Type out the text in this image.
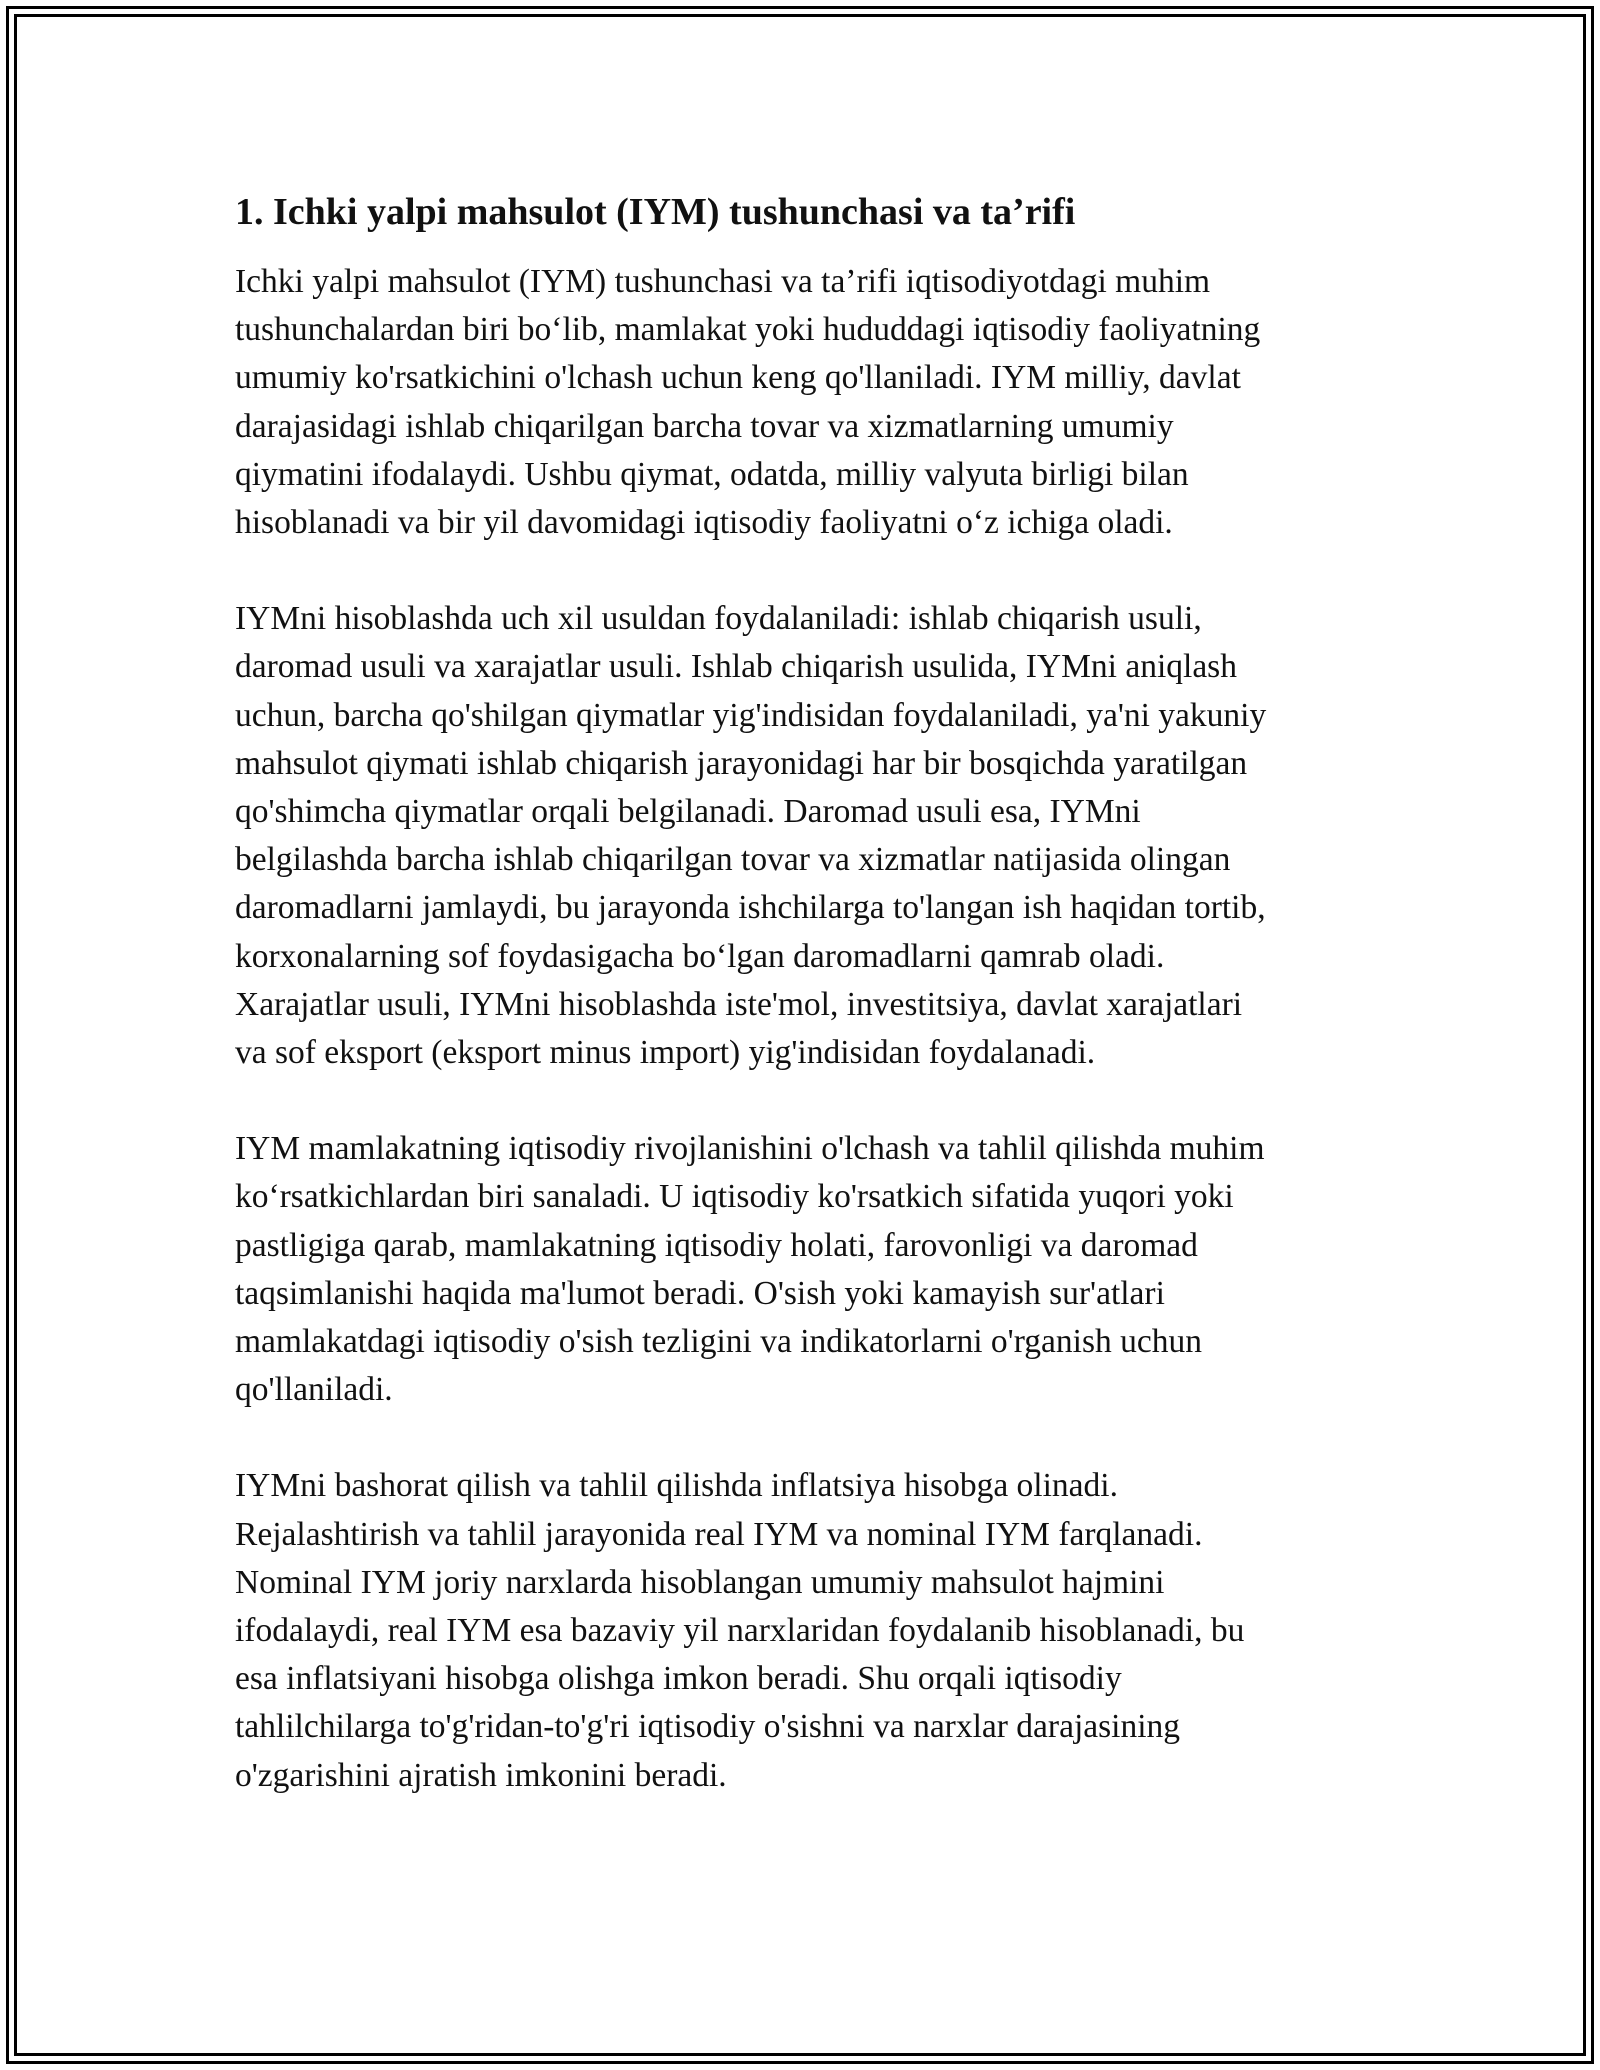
1. Ichki yalpi mahsulot (IYM) tushunchasi va ta’rifi

Ichki yalpi mahsulot (IYM) tushunchasi va ta’rifi iqtisodiyotdagi muhim
tushunchalardan biri bo‘lib, mamlakat yoki hududdagi iqtisodiy faoliyatning
umumiy ko'rsatkichini o'lchash uchun keng qo'llaniladi. IYM milliy, davlat
darajasidagi ishlab chiqarilgan barcha tovar va xizmatlarning umumiy
qiymatini ifodalaydi. Ushbu qiymat, odatda, milliy valyuta birligi bilan
hisoblanadi va bir yil davomidagi iqtisodiy faoliyatni o‘z ichiga oladi.

IYMni hisoblashda uch xil usuldan foydalaniladi: ishlab chiqarish usuli,
daromad usuli va xarajatlar usuli. Ishlab chiqarish usulida, IYMni aniqlash
uchun, barcha qo'shilgan qiymatlar yig'indisidan foydalaniladi, ya'ni yakuniy
mahsulot qiymati ishlab chiqarish jarayonidagi har bir bosqichda yaratilgan
qo'shimcha qiymatlar orqali belgilanadi. Daromad usuli esa, IYMni
belgilashda barcha ishlab chiqarilgan tovar va xizmatlar natijasida olingan
daromadlarni jamlaydi, bu jarayonda ishchilarga to'langan ish haqidan tortib,
korxonalarning sof foydasigacha bo‘lgan daromadlarni qamrab oladi.
Xarajatlar usuli, IYMni hisoblashda iste'mol, investitsiya, davlat xarajatlari
va sof eksport (eksport minus import) yig'indisidan foydalanadi.

IYM mamlakatning iqtisodiy rivojlanishini o'lchash va tahlil qilishda muhim
ko‘rsatkichlardan biri sanaladi. U iqtisodiy ko'rsatkich sifatida yuqori yoki
pastligiga qarab, mamlakatning iqtisodiy holati, farovonligi va daromad
taqsimlanishi haqida ma'lumot beradi. O'sish yoki kamayish sur'atlari
mamlakatdagi iqtisodiy o'sish tezligini va indikatorlarni o'rganish uchun
qo'llaniladi.

IYMni bashorat qilish va tahlil qilishda inflatsiya hisobga olinadi.
Rejalashtirish va tahlil jarayonida real IYM va nominal IYM farqlanadi.
Nominal IYM joriy narxlarda hisoblangan umumiy mahsulot hajmini
ifodalaydi, real IYM esa bazaviy yil narxlaridan foydalanib hisoblanadi, bu
esa inflatsiyani hisobga olishga imkon beradi. Shu orqali iqtisodiy
tahlilchilarga to'g'ridan-to'g'ri iqtisodiy o'sishni va narxlar darajasining
o'zgarishini ajratish imkonini beradi.
